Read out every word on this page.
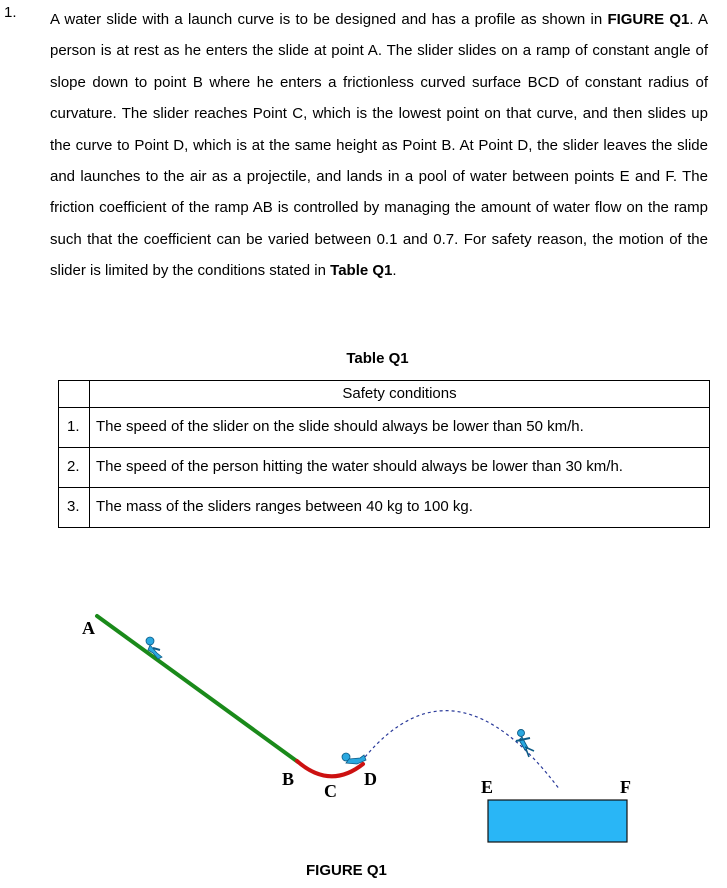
1. A water slide with a launch curve is to be designed and has a profile as shown in FIGURE Q1. A person is at rest as he enters the slide at point A. The slider slides on a ramp of constant angle of slope down to point B where he enters a frictionless curved surface BCD of constant radius of curvature. The slider reaches Point C, which is the lowest point on that curve, and then slides up the curve to Point D, which is at the same height as Point B. At Point D, the slider leaves the slide and launches to the air as a projectile, and lands in a pool of water between points E and F. The friction coefficient of the ramp AB is controlled by managing the amount of water flow on the ramp such that the coefficient can be varied between 0.1 and 0.7. For safety reason, the motion of the slider is limited by the conditions stated in Table Q1.

Table Q1
	Safety conditions
1.	The speed of the slider on the slide should always be lower than 50 km/h.
2.	The speed of the person hitting the water should always be lower than 30 km/h.
3.	The mass of the sliders ranges between 40 kg to 100 kg.
A
B
C
D	E	F
FIGURE Q1
